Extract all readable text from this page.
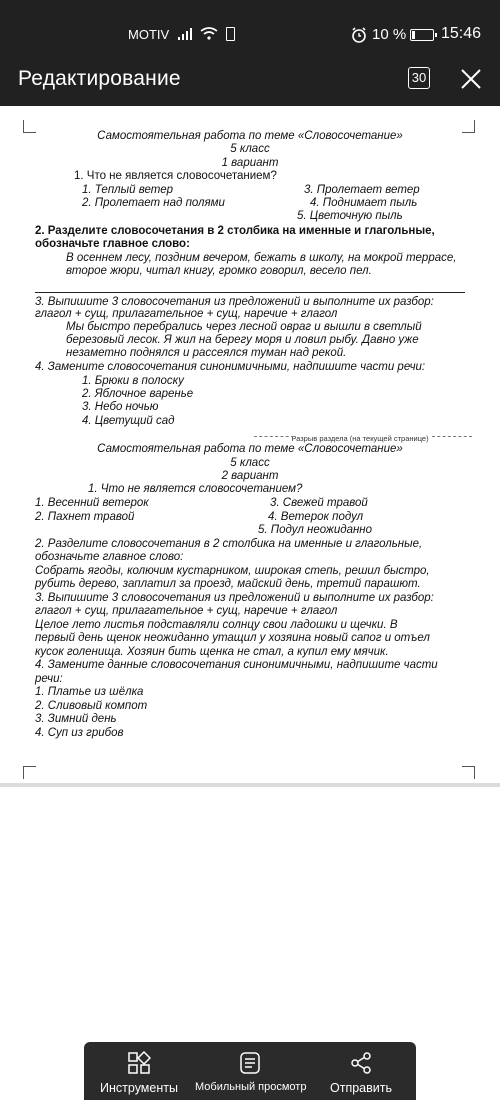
MOTIV	10 % 15:46
Редактирование	30
Самостоятельная работа по теме «Словосочетание»
5 класс
1 вариант
1. Что не является словосочетанием?
1. Теплый ветер
2. Пролетает над полями
3. Пролетает ветер
4. Поднимает пыль
5. Цветочную пыль
2. Разделите словосочетания в 2 столбика на именные и глагольные,
обозначьте главное слово:
В осеннем лесу, поздним вечером, бежать в школу, на мокрой террасе,
второе жюри, читал книгу, громко говорил, весело пел.
3. Выпишите 3 словосочетания из предложений и выполните их разбор:
глагол + сущ, прилагательное + сущ, наречие + глагол
Мы быстро перебрались через лесной овраг и вышли в светлый
березовый лесок. Я жил на берегу моря и ловил рыбу. Давно уже
незаметно поднялся и рассеялся туман над рекой.
4. Замените словосочетания синонимичными, надпишите части речи:
1. Брюки в полоску
2. Яблочное варенье
3. Небо ночью
4. Цветущий сад
Разрыв раздела (на текущей странице)
Самостоятельная работа по теме «Словосочетание»
5 класс
2 вариант
1. Что не является словосочетанием?
1. Весенний ветерок
2. Пахнет травой
3. Свежей травой
4. Ветерок подул
5. Подул неожиданно
2. Разделите словосочетания в 2 столбика на именные и глагольные,
обозначьте главное слово:
Собрать ягоды, колючим кустарником, широкая степь, решил быстро,
рубить дерево, заплатил за проезд, майский день, третий парашют.
3. Выпишите 3 словосочетания из предложений и выполните их разбор:
глагол + сущ, прилагательное + сущ, наречие + глагол
Целое лето листья подставляли солнцу свои ладошки и щечки. В
первый день щенок неожиданно утащил у хозяина новый сапог и отъел
кусок голенища. Хозяин бить щенка не стал, а купил ему мячик.
4. Замените данные словосочетания синонимичными, надпишите части
речи:
1. Платье из шёлка
2. Сливовый компот
3. Зимний день
4. Суп из грибов
Инструменты	Мобильный просмотр	Отправить
